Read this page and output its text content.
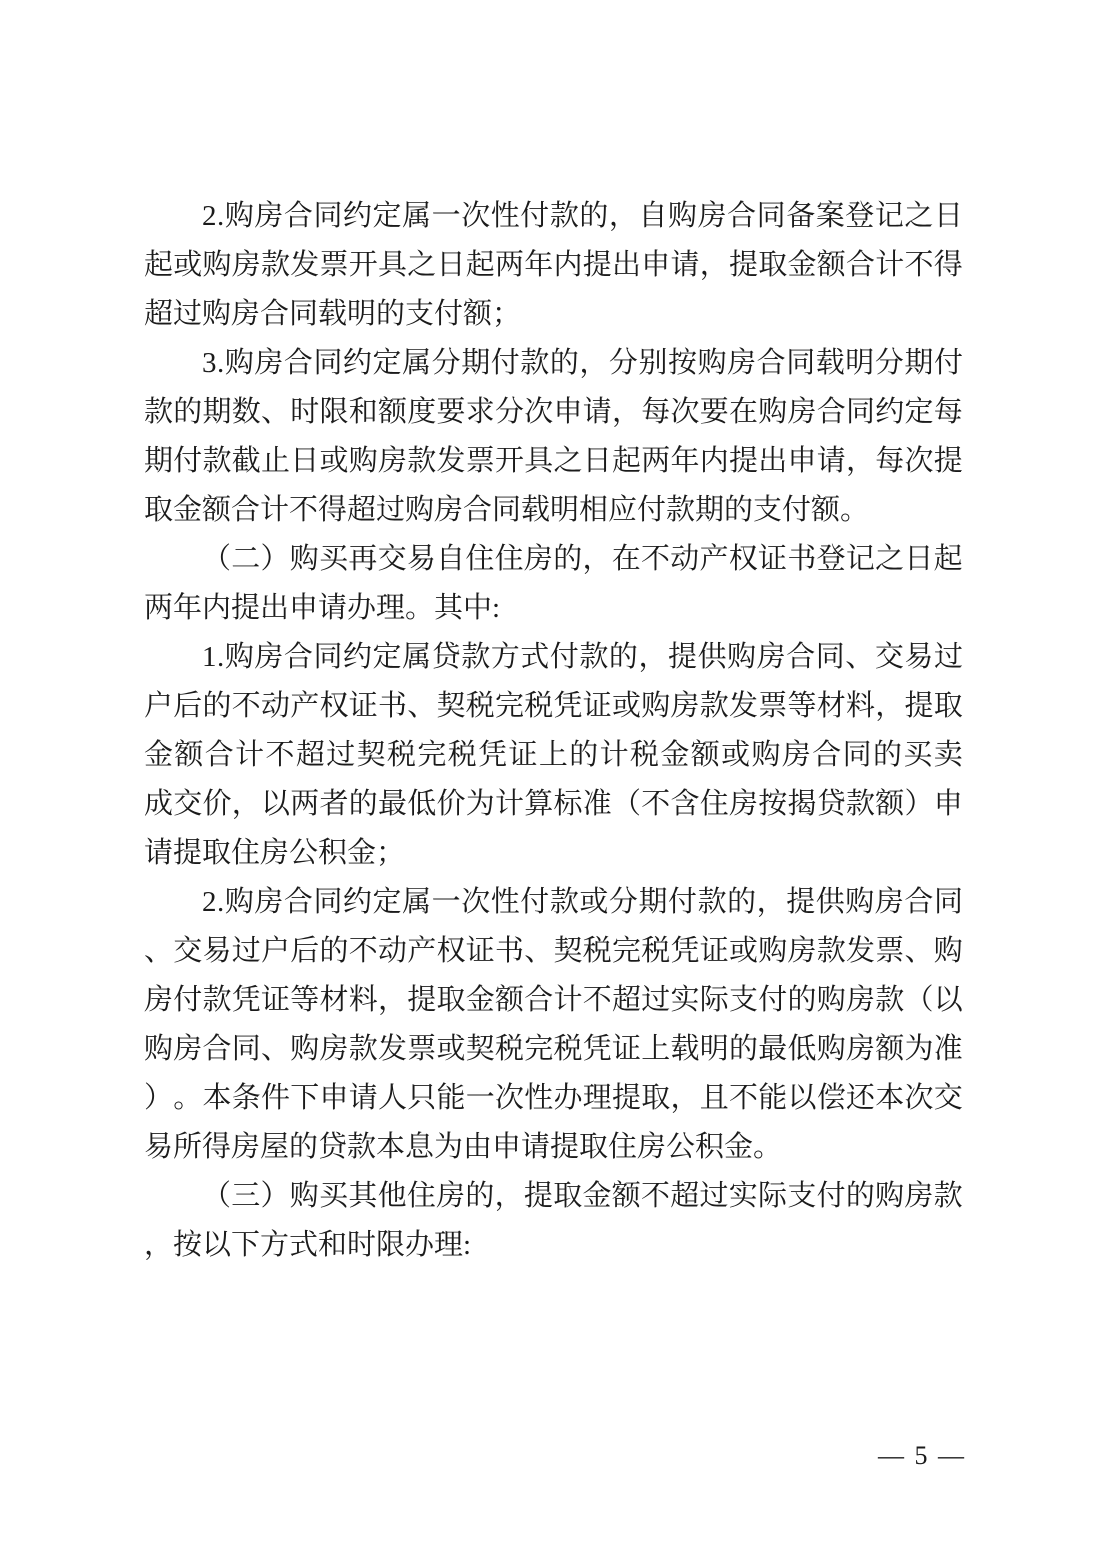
2 . 购 房 合 同 约 定 属 一 次 性 付 款 的 ， 自 购 房 合 同 备 案 登 记 之 日
起 或 购 房 款 发 票 开 具 之 日 起 两 年 内 提 出 申 请 ， 提 取 金 额 合 计 不 得
超过购房合同载明的支付额；

3 . 购 房 合 同 约 定 属 分 期 付 款 的 ， 分 别 按 购 房 合 同 载 明 分 期 付
款 的 期 数 、 时 限 和 额 度 要 求 分 次 申 请 ， 每 次 要 在 购 房 合 同 约 定 每
期 付 款 截 止 日 或 购 房 款 发 票 开 具 之 日 起 两 年 内 提 出 申 请 ， 每 次 提
取金额合计不得超过购房合同载明相应付款期的支付额。

（ 二 ） 购 买 再 交 易 自 住 住 房 的 ， 在 不 动 产 权 证 书 登 记 之 日 起
两年内提出申请办理。其中:

1 . 购 房 合 同 约 定 属 贷 款 方 式 付 款 的 ， 提 供 购 房 合 同 、 交 易 过
户 后 的 不 动 产 权 证 书 、 契 税 完 税 凭 证 或 购 房 款 发 票 等 材 料 ， 提 取
金 额 合 计 不 超 过 契 税 完 税 凭 证 上 的 计 税 金 额 或 购 房 合 同 的 买 卖
成 交 价 ， 以 两 者 的 最 低 价 为 计 算 标 准 （ 不 含 住 房 按 揭 贷 款 额 ） 申
请提取住房公积金；

2 . 购 房 合 同 约 定 属 一 次 性 付 款 或 分 期 付 款 的 ， 提 供 购 房 合 同
、 交 易 过 户 后 的 不 动 产 权 证 书 、 契 税 完 税 凭 证 或 购 房 款 发 票 、 购
房 付 款 凭 证 等 材 料 ， 提 取 金 额 合 计 不 超 过 实 际 支 付 的 购 房 款 （ 以
购 房 合 同 、 购 房 款 发 票 或 契 税 完 税 凭 证 上 载 明 的 最 低 购 房 额 为 准
） 。 本 条 件 下 申 请 人 只 能 一 次 性 办 理 提 取 ， 且 不 能 以 偿 还 本 次 交
易所得房屋的贷款本息为由申请提取住房公积金。

（ 三 ） 购 买 其 他 住 房 的 ， 提 取 金 额 不 超 过 实 际 支 付 的 购 房 款
，按以下方式和时限办理:

— 5 —
